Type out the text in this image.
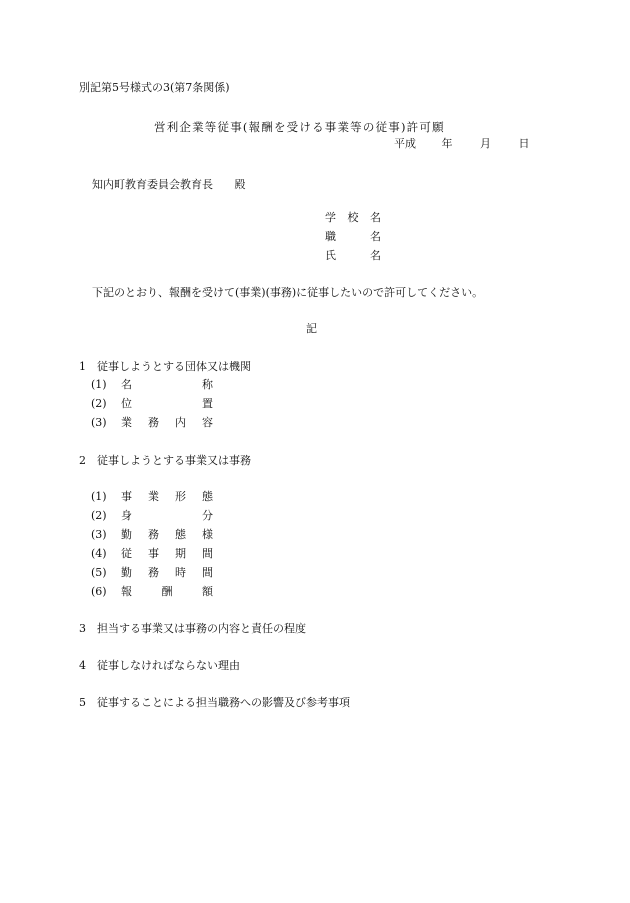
別記第5号様式の3(第7条関係)
営利企業等従事(報酬を受ける事業等の従事)許可願
平成 年	月	日
知内町教育委員会教育長 殿
学 校 名
職 名
氏 名
下記のとおり、報酬を受けて(事業)(事務)に従事したいので許可してください。
記
1　従事しようとする団体又は機関
(1) 名称
(2) 位置
(3) 業務内容
2　従事しようとする事業又は事務
(1) 事業形態
(2) 身分
(3) 勤務態様
(4) 従事期間
(5) 勤務時間
(6) 報酬額
3　担当する事業又は事務の内容と責任の程度
4　従事しなければならない理由
5　従事することによる担当職務への影響及び参考事項
